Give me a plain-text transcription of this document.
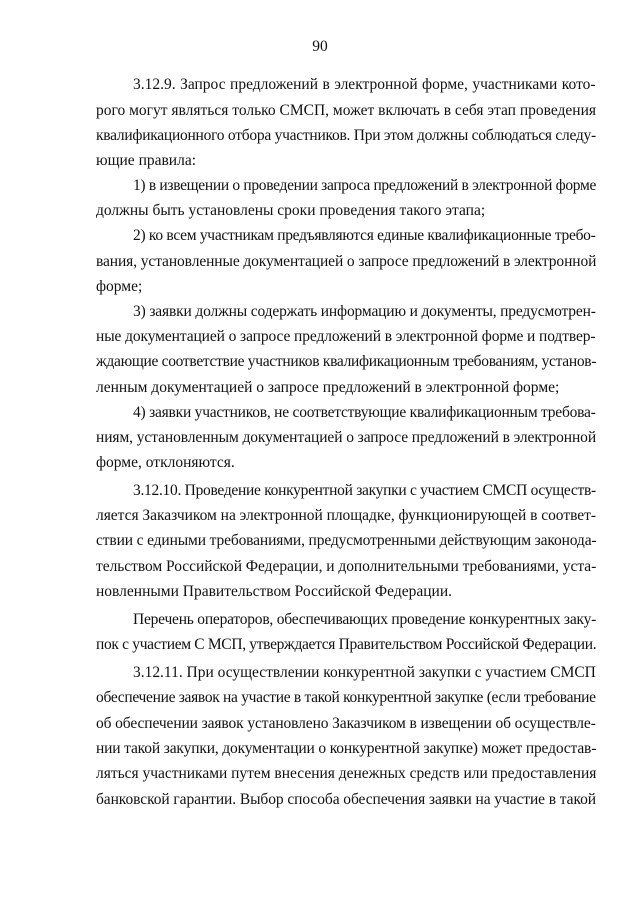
90
3.12.9. Запрос предложений в электронной форме, участниками кото-
рого могут являться только СМСП, может включать в себя этап проведения
квалификационного отбора участников. При этом должны соблюдаться следу-
ющие правила:
1) в извещении о проведении запроса предложений в электронной форме
должны быть установлены сроки проведения такого этапа;
2) ко всем участникам предъявляются единые квалификационные требо-
вания, установленные документацией о запросе предложений в электронной
форме;
3) заявки должны содержать информацию и документы, предусмотрен-
ные документацией о запросе предложений в электронной форме и подтвер-
ждающие соответствие участников квалификационным требованиям, установ-
ленным документацией о запросе предложений в электронной форме;
4) заявки участников, не соответствующие квалификационным требова-
ниям, установленным документацией о запросе предложений в электронной
форме, отклоняются.
3.12.10. Проведение конкурентной закупки с участием СМСП осуществ-
ляется Заказчиком на электронной площадке, функционирующей в соответ-
ствии с едиными требованиями, предусмотренными действующим законода-
тельством Российской Федерации, и дополнительными требованиями, уста-
новленными Правительством Российской Федерации.
Перечень операторов, обеспечивающих проведение конкурентных заку-
пок с участием С МСП, утверждается Правительством Российской Федерации.
3.12.11. При осуществлении конкурентной закупки с участием СМСП
обеспечение заявок на участие в такой конкурентной закупке (если требование
об обеспечении заявок установлено Заказчиком в извещении об осуществле-
нии такой закупки, документации о конкурентной закупке) может предостав-
ляться участниками путем внесения денежных средств или предоставления
банковской гарантии. Выбор способа обеспечения заявки на участие в такой
